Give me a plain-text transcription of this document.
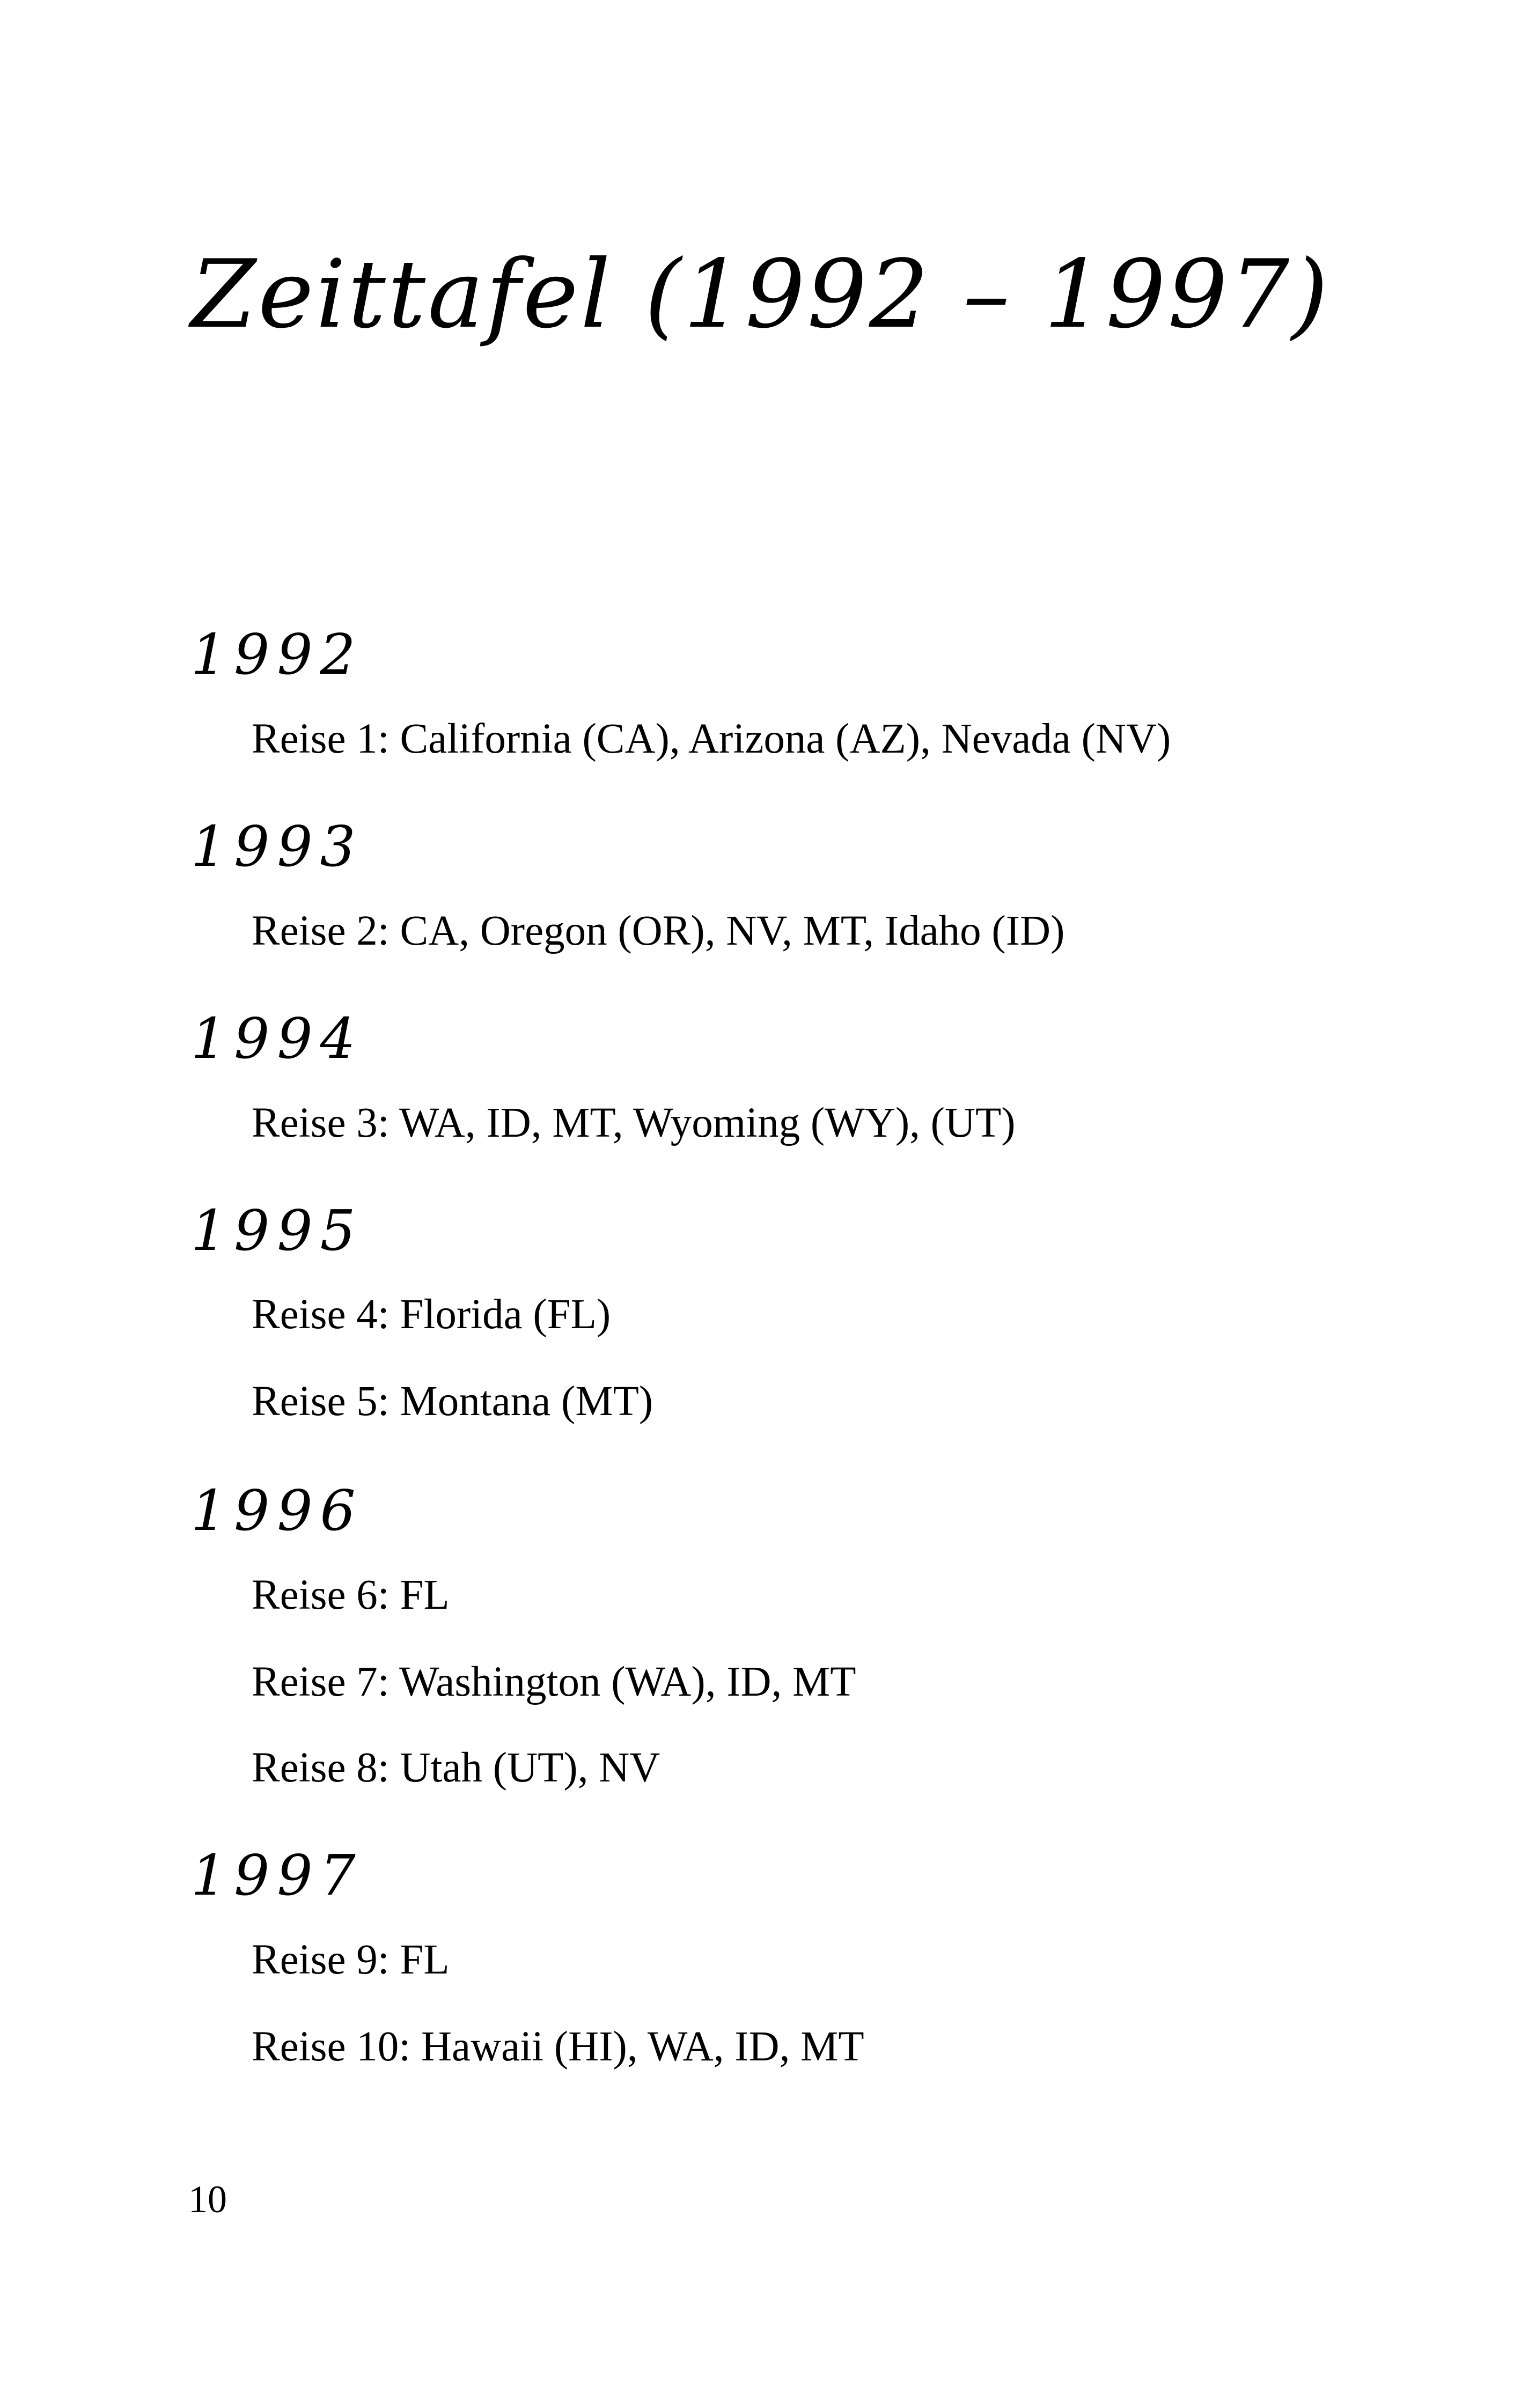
Zeittafel (1992 – 1997)
1992
Reise 1: California (CA), Arizona (AZ), Nevada (NV)
1993
Reise 2: CA, Oregon (OR), NV, MT, Idaho (ID)
1994
Reise 3: WA, ID, MT, Wyoming (WY), (UT)
1995
Reise 4: Florida (FL)
Reise 5: Montana (MT)
1996
Reise 6: FL
Reise 7: Washington (WA), ID, MT
Reise 8: Utah (UT), NV
1997
Reise 9: FL
Reise 10: Hawaii (HI), WA, ID, MT
10
